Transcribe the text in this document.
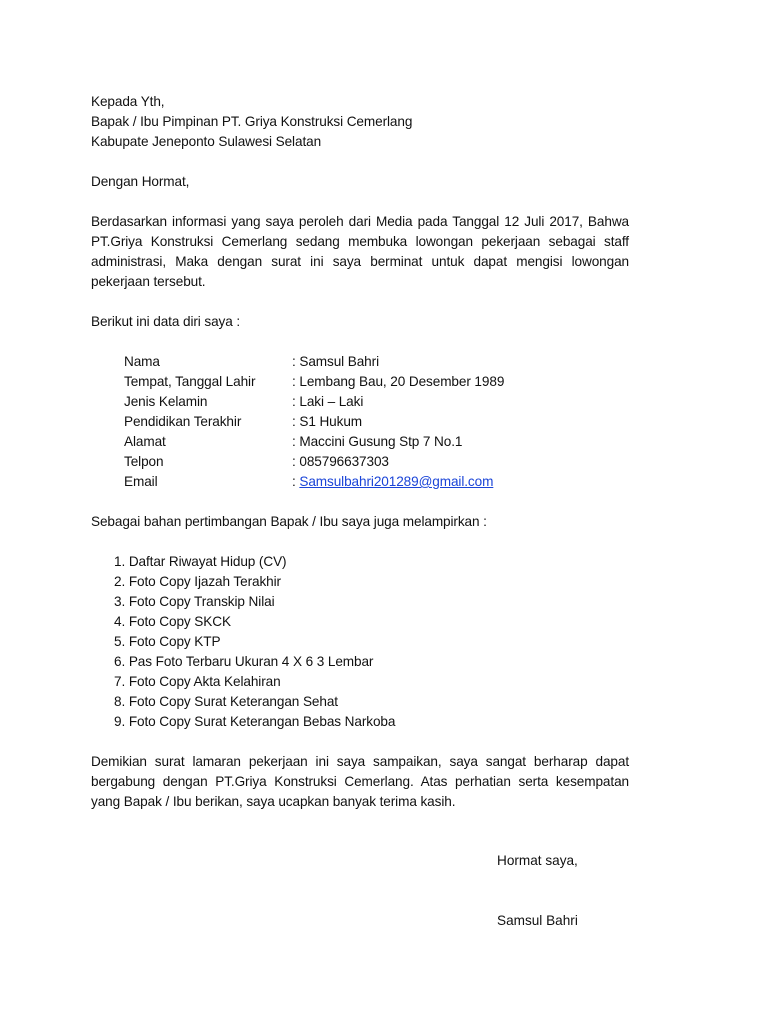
Kepada Yth,
Bapak / Ibu Pimpinan PT. Griya Konstruksi Cemerlang
Kabupate Jeneponto Sulawesi Selatan
Dengan Hormat,

Berdasarkan informasi yang saya peroleh dari Media pada Tanggal 12 Juli 2017, Bahwa PT.Griya Konstruksi Cemerlang sedang membuka lowongan pekerjaan sebagai staff administrasi, Maka dengan surat ini saya berminat untuk dapat mengisi lowongan pekerjaan tersebut.

Berikut ini data diri saya :
Nama	: Samsul Bahri
Tempat, Tanggal Lahir	: Lembang Bau, 20 Desember 1989
Jenis Kelamin	: Laki – Laki
Pendidikan Terakhir	: S1 Hukum
Alamat	: Maccini Gusung Stp 7 No.1
Telpon	: 085796637303
Email	: Samsulbahri201289@gmail.com
Sebagai bahan pertimbangan Bapak / Ibu saya juga melampirkan :
1. Daftar Riwayat Hidup (CV)
2. Foto Copy Ijazah Terakhir
3. Foto Copy Transkip Nilai
4. Foto Copy SKCK
5. Foto Copy KTP
6. Pas Foto Terbaru Ukuran 4 X 6 3 Lembar
7. Foto Copy Akta Kelahiran
8. Foto Copy Surat Keterangan Sehat
9. Foto Copy Surat Keterangan Bebas Narkoba

Demikian surat lamaran pekerjaan ini saya sampaikan, saya sangat berharap dapat bergabung dengan PT.Griya Konstruksi Cemerlang. Atas perhatian serta kesempatan yang Bapak / Ibu berikan, saya ucapkan banyak terima kasih.

Hormat saya,
Samsul Bahri
